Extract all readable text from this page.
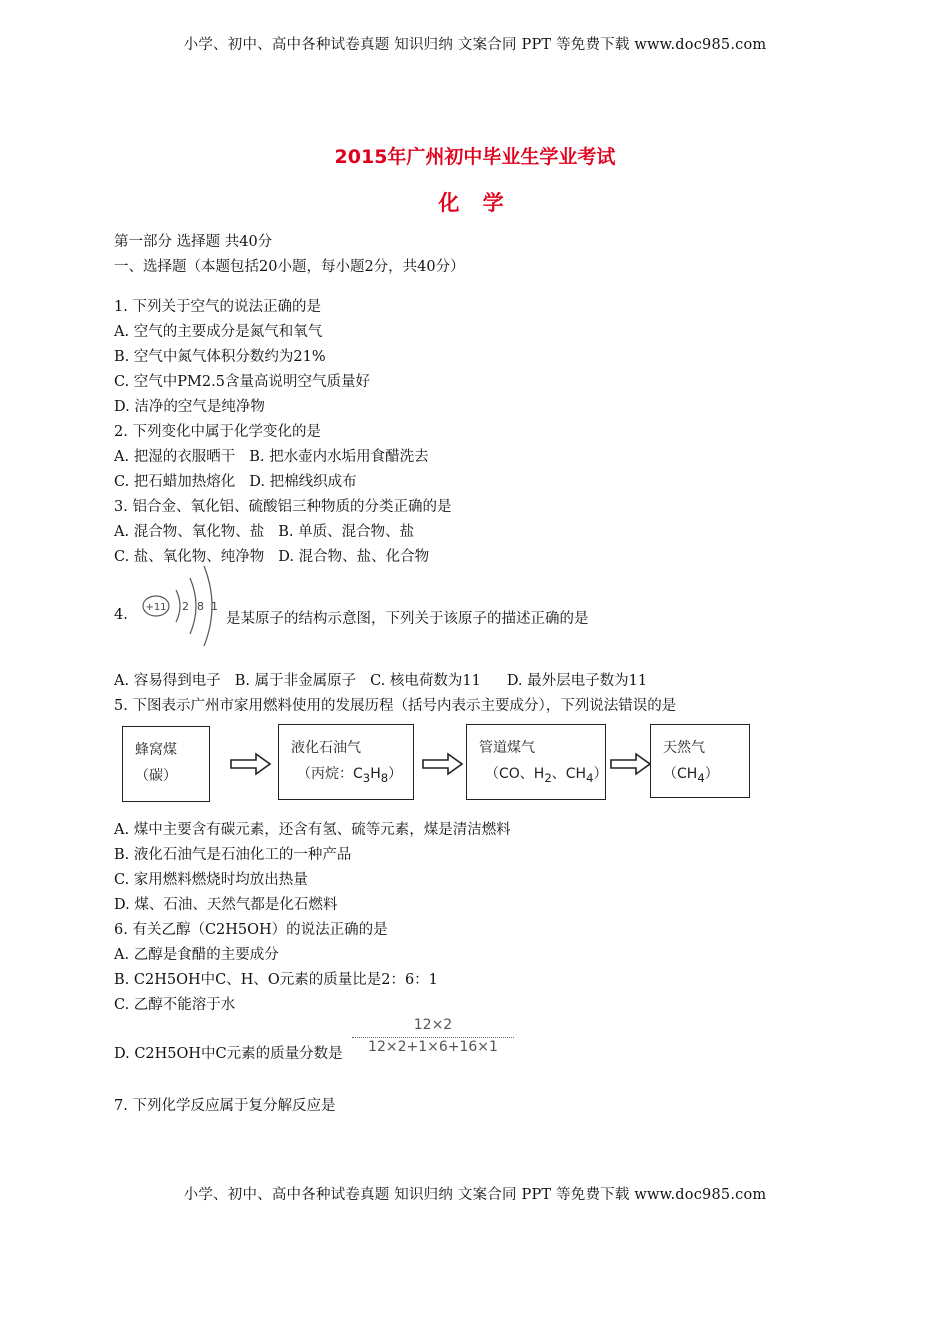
小学、初中、高中各种试卷真题 知识归纳 文案合同 PPT 等免费下载 www.doc985.com
2015年广州初中毕业生学业考试
化 学
第一部分 选择题 共40分
一、选择题（本题包括20小题，每小题2分，共40分）
1. 下列关于空气的说法正确的是
A. 空气的主要成分是氮气和氧气
B. 空气中氮气体积分数约为21%
C. 空气中PM2.5含量高说明空气质量好
D. 洁净的空气是纯净物
2. 下列变化中属于化学变化的是
A. 把湿的衣服晒干 B. 把水壶内水垢用食醋洗去
C. 把石蜡加热熔化 D. 把棉线织成布
3. 铝合金、氧化铝、硫酸铝三种物质的分类正确的是
A. 混合物、氧化物、盐 B. 单质、混合物、盐
C. 盐、氧化物、纯净物 D. 混合物、盐、化合物
4. +11 2 8 1
是某原子的结构示意图，下列关于该原子的描述正确的是
A. 容易得到电子 B. 属于非金属原子 C. 核电荷数为11 D. 最外层电子数为11
5. 下图表示广州市家用燃料使用的发展历程（括号内表示主要成分），下列说法错误的是
蜂窝煤
（碳）
液化石油气
（丙烷：$C_3H_8$）
管道煤气
（CO、$H_2$、$CH_4$）
天然气
$(CH_4)$
A. 煤中主要含有碳元素，还含有氢、硫等元素，煤是清洁燃料
B. 液化石油气是石油化工的一种产品
C. 家用燃料燃烧时均放出热量
D. 煤、石油、天然气都是化石燃料
6. 有关乙醇（C2H5OH）的说法正确的是
A. 乙醇是食醋的主要成分
B. C2H5OH中C、H、O元素的质量比是2：6：1
C. 乙醇不能溶于水
D. C2H5OH中C元素的质量分数是
12×2
12×2+1×6+16×1
7. 下列化学反应属于复分解反应是
小学、初中、高中各种试卷真题 知识归纳 文案合同 PPT 等免费下载 www.doc985.com
